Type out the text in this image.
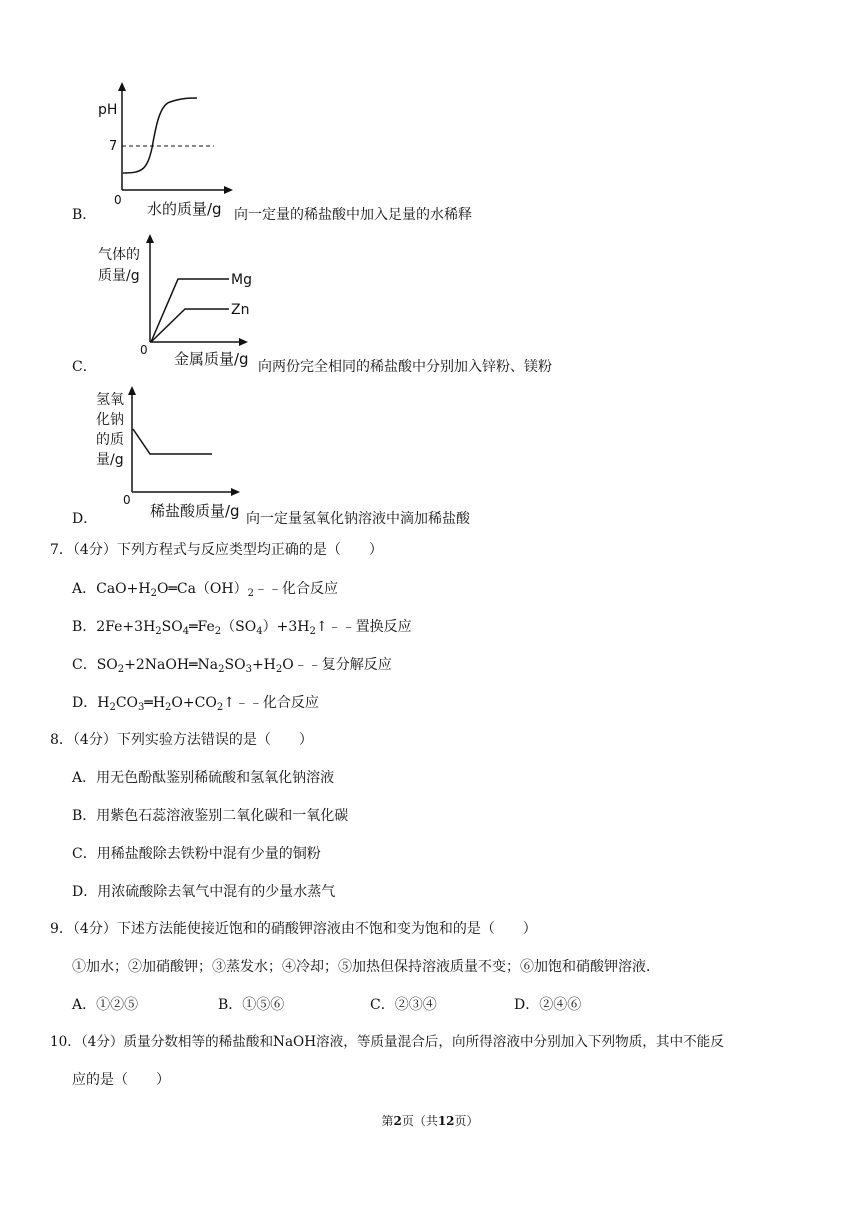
B．
pH
7
0 水的质量/g 向一定量的稀盐酸中加入足量的水稀释
C．
气体的
质量/g	Mg
Zn
0 金属质量/g 向两份完全相同的稀盐酸中分别加入锌粉、镁粉
D．
氢氧
化钠
的质
量/g
0
稀盐酸质量/g 向一定量氢氧化钠溶液中滴加稀盐酸
7．（4分）下列方程式与反应类型均正确的是（　　）
A．$CaO+H_2O═Ca(OH)_2﹣﹣$化合反应
B．$2Fe+3H_2SO_4═Fe_2(SO_4)+3H_2↑﹣﹣$置换反应
C．$SO_2+2NaOH═Na_2SO_3+H_2O﹣﹣$复分解反应
D．$H_2CO_3═H_2O+CO_2↑﹣﹣$化合反应
8．（4分）下列实验方法错误的是（　　）
A．用无色酚酞鉴别稀硫酸和氢氧化钠溶液
B．用紫色石蕊溶液鉴别二氧化碳和一氧化碳
C．用稀盐酸除去铁粉中混有少量的铜粉
D．用浓硫酸除去氧气中混有的少量水蒸气
9．（4分）下述方法能使接近饱和的硝酸钾溶液由不饱和变为饱和的是（　　）
①加水；②加硝酸钾；③蒸发水；④冷却；⑤加热但保持溶液质量不变；⑥加饱和硝酸钾溶液．
A．①②⑤	B．①⑤⑥	C．②③④	D．②④⑥
10．（4分）质量分数相等的稀盐酸和NaOH溶液，等质量混合后，向所得溶液中分别加入下列物质，其中不能反
应的是（　　）
第2页（共12页）
